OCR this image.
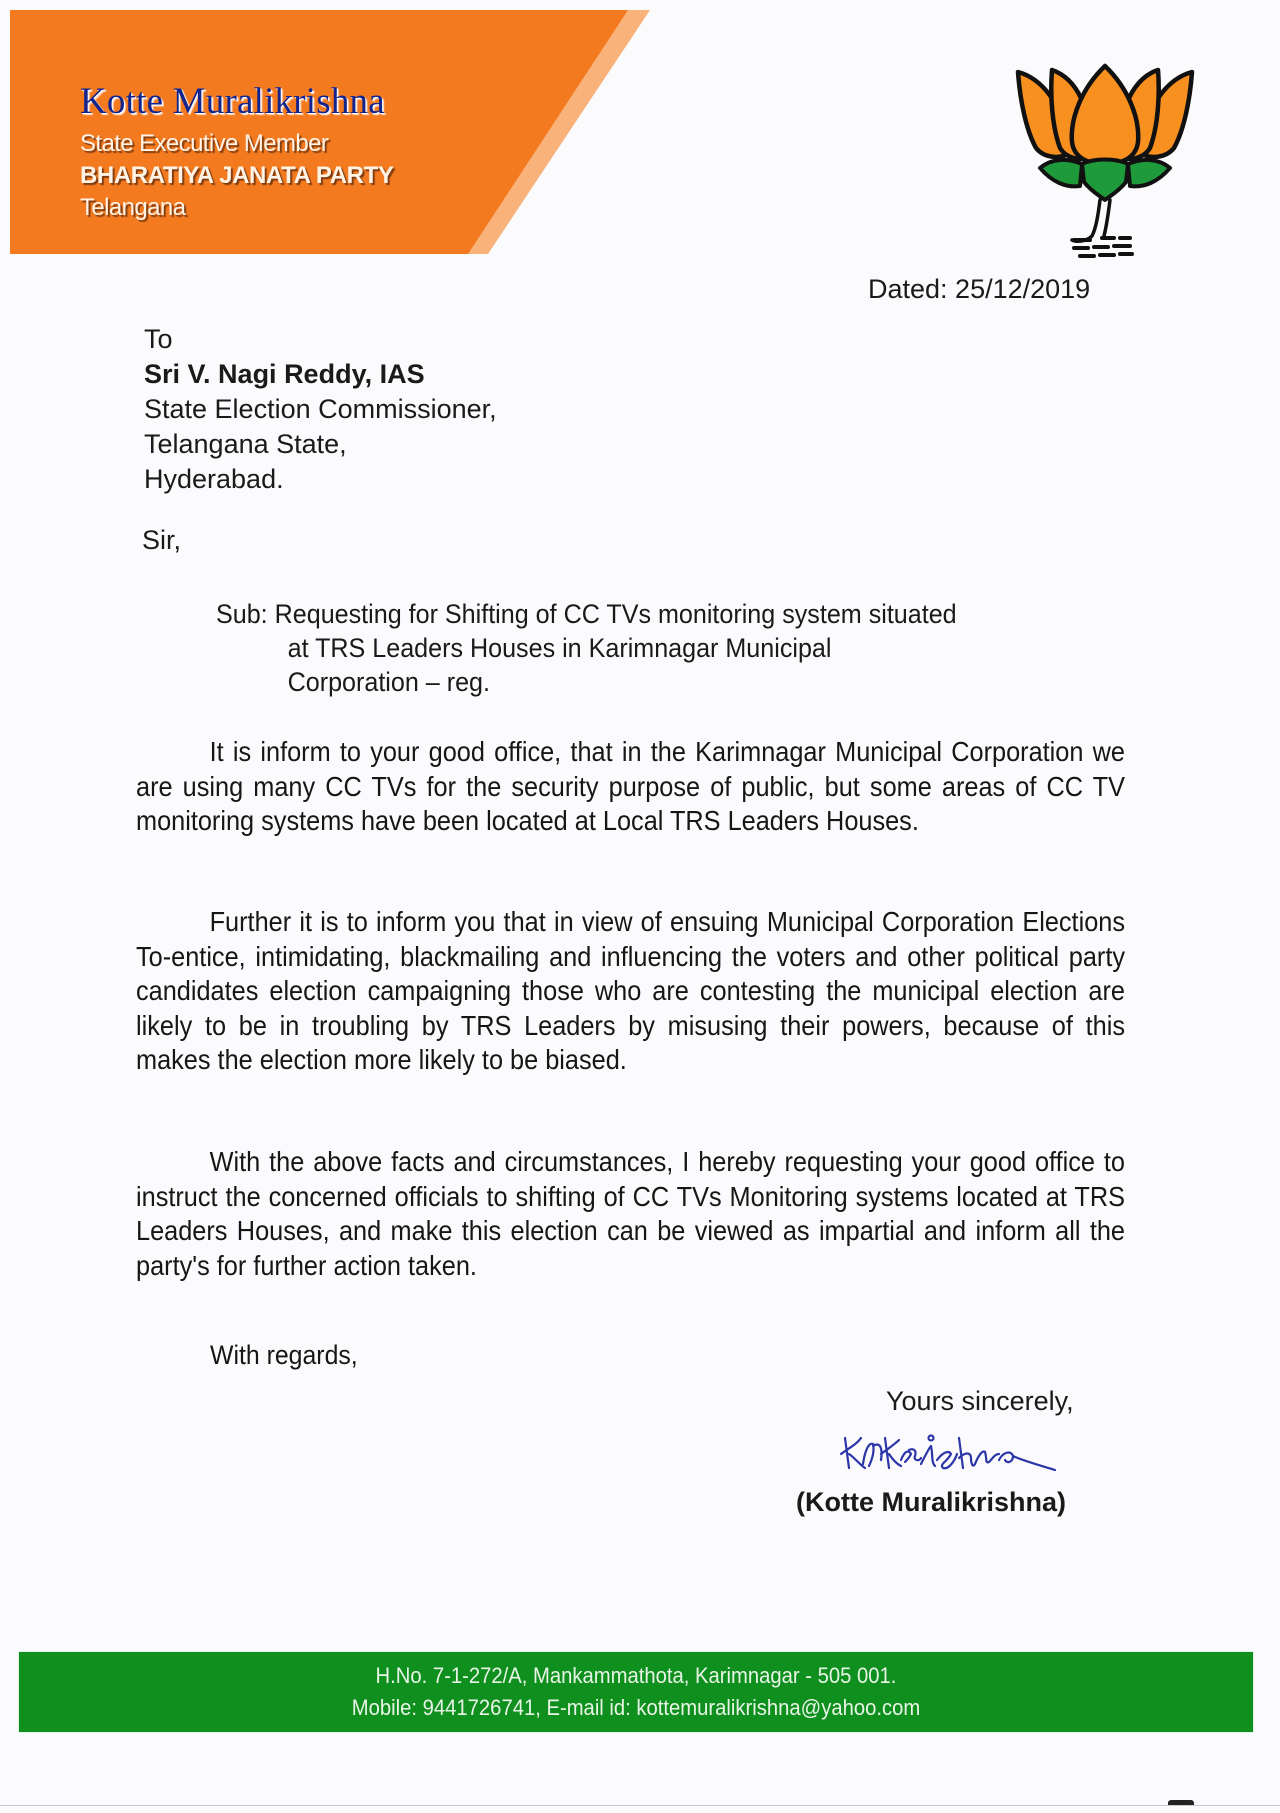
Kotte Muralikrishna
State Executive Member
BHARATIYA JANATA PARTY
Telangana
Dated: 25/12/2019
To
Sri V. Nagi Reddy, IAS
State Election Commissioner,
Telangana State,
Hyderabad.
Sir,
Sub: Requesting for Shifting of CC TVs monitoring system situated
at TRS Leaders Houses in Karimnagar Municipal
Corporation – reg.
It is inform to your good office, that in the Karimnagar Municipal Corporation we are using many CC TVs for the security purpose of public, but some areas of CC TV monitoring systems have been located at Local TRS Leaders Houses.
Further it is to inform you that in view of ensuing Municipal Corporation Elections To-entice, intimidating, blackmailing and influencing the voters and other political party candidates election campaigning those who are contesting the municipal election are likely to be in troubling by TRS Leaders by misusing their powers, because of this makes the election more likely to be biased.
With the above facts and circumstances, I hereby requesting your good office to instruct the concerned officials to shifting of CC TVs Monitoring systems located at TRS Leaders Houses, and make this election can be viewed as impartial and inform all the party's for further action taken.
With regards,
Yours sincerely,
(Kotte Muralikrishna)
H.No. 7-1-272/A, Mankammathota, Karimnagar - 505 001.
Mobile: 9441726741, E-mail id: kottemuralikrishna@yahoo.com
